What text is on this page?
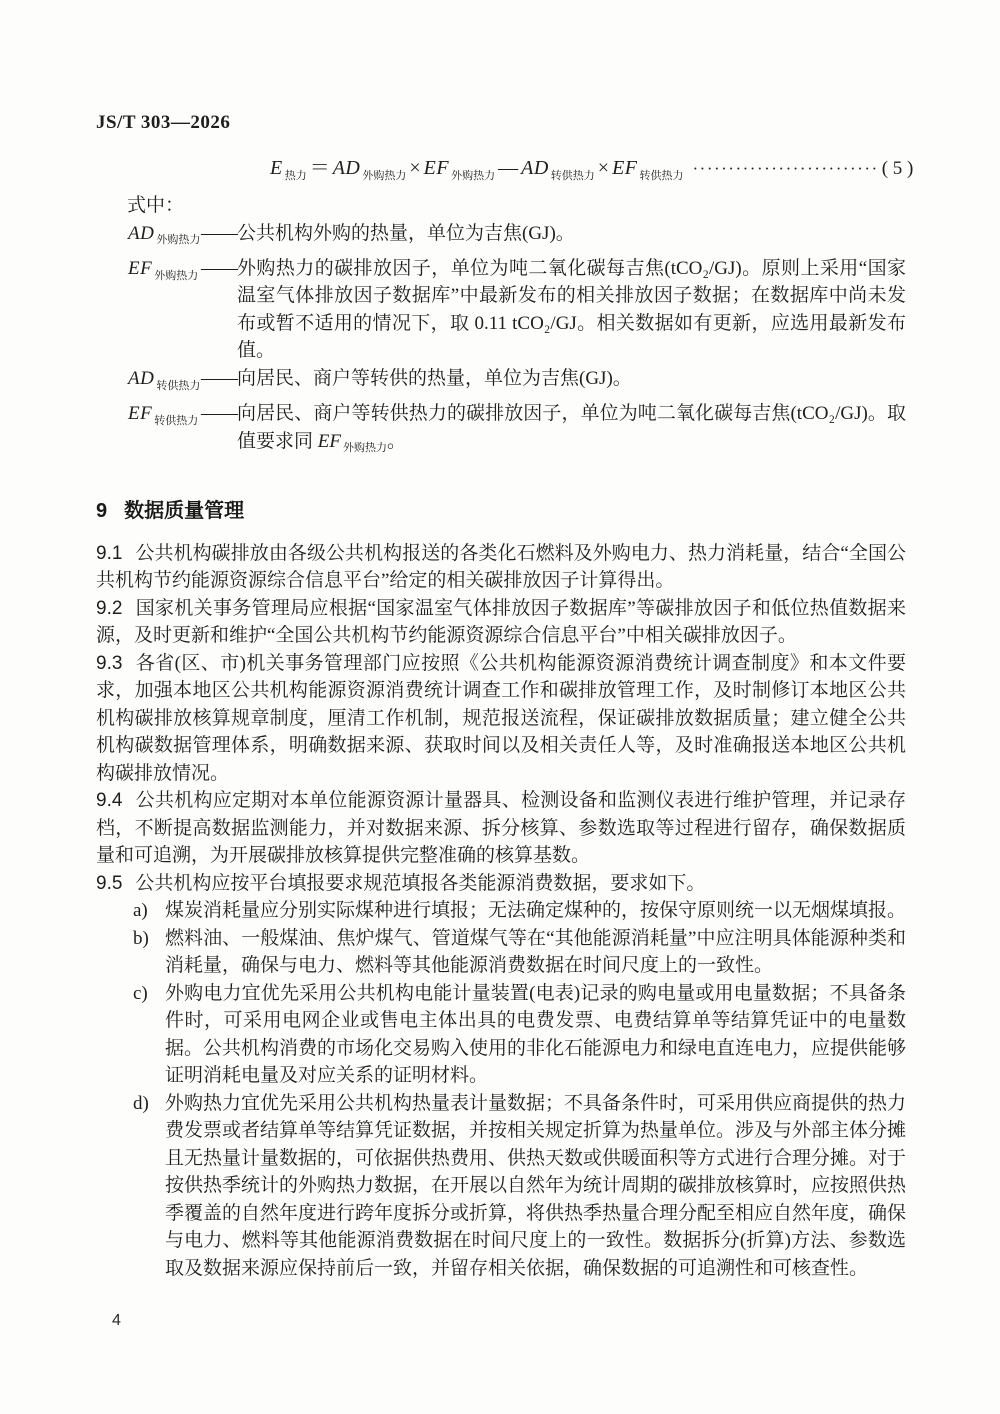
JS/T 303—2026
E $_{热力}$ ＝ AD $_{外购热力}$ × EF $_{外购热力}$ — AD $_{转供热力}$ × EF $_{转供热力}$ ·························· ( 5 )
式中：
AD $_{外购热力}$ —— 公共机构外购的热量，单位为吉焦(GJ)。
EF $_{外购热力}$ —— 外购热力的碳排放因子，单位为吨二氧化碳每吉焦(tCO₂/GJ)。原则上采用“国家温室气体排放因子数据库”中最新发布的相关排放因子数据；在数据库中尚未发布或暂不适用的情况下，取 0.11 tCO₂/GJ。相关数据如有更新，应选用最新发布值。
AD $_{转供热力}$ —— 向居民、商户等转供的热量，单位为吉焦(GJ)。
EF $_{转供热力}$ —— 向居民、商户等转供热力的碳排放因子，单位为吨二氧化碳每吉焦(tCO₂/GJ)。取值要求同 EF $_{外购热力}$。
9 数据质量管理

9.1 公共机构碳排放由各级公共机构报送的各类化石燃料及外购电力、热力消耗量，结合“全国公共机构节约能源资源综合信息平台”给定的相关碳排放因子计算得出。

9.2 国家机关事务管理局应根据“国家温室气体排放因子数据库”等碳排放因子和低位热值数据来源，及时更新和维护“全国公共机构节约能源资源综合信息平台”中相关碳排放因子。

9.3 各省(区、市)机关事务管理部门应按照《公共机构能源资源消费统计调查制度》和本文件要求，加强本地区公共机构能源资源消费统计调查工作和碳排放管理工作，及时制修订本地区公共机构碳排放核算规章制度，厘清工作机制，规范报送流程，保证碳排放数据质量；建立健全公共机构碳数据管理体系，明确数据来源、获取时间以及相关责任人等，及时准确报送本地区公共机构碳排放情况。

9.4 公共机构应定期对本单位能源资源计量器具、检测设备和监测仪表进行维护管理，并记录存档，不断提高数据监测能力，并对数据来源、拆分核算、参数选取等过程进行留存，确保数据质量和可追溯，为开展碳排放核算提供完整准确的核算基数。

9.5 公共机构应按平台填报要求规范填报各类能源消费数据，要求如下。

a) 煤炭消耗量应分别实际煤种进行填报；无法确定煤种的，按保守原则统一以无烟煤填报。
b) 燃料油、一般煤油、焦炉煤气、管道煤气等在“其他能源消耗量”中应注明具体能源种类和消耗量，确保与电力、燃料等其他能源消费数据在时间尺度上的一致性。
c) 外购电力宜优先采用公共机构电能计量装置(电表)记录的购电量或用电量数据；不具备条件时，可采用电网企业或售电主体出具的电费发票、电费结算单等结算凭证中的电量数据。公共机构消费的市场化交易购入使用的非化石能源电力和绿电直连电力，应提供能够证明消耗电量及对应关系的证明材料。
d) 外购热力宜优先采用公共机构热量表计量数据；不具备条件时，可采用供应商提供的热力费发票或者结算单等结算凭证数据，并按相关规定折算为热量单位。涉及与外部主体分摊且无热量计量数据的，可依据供热费用、供热天数或供暖面积等方式进行合理分摊。对于按供热季统计的外购热力数据，在开展以自然年为统计周期的碳排放核算时，应按照供热季覆盖的自然年度进行跨年度拆分或折算，将供热季热量合理分配至相应自然年度，确保与电力、燃料等其他能源消费数据在时间尺度上的一致性。数据拆分(折算)方法、参数选取及数据来源应保持前后一致，并留存相关依据，确保数据的可追溯性和可核查性。
4
